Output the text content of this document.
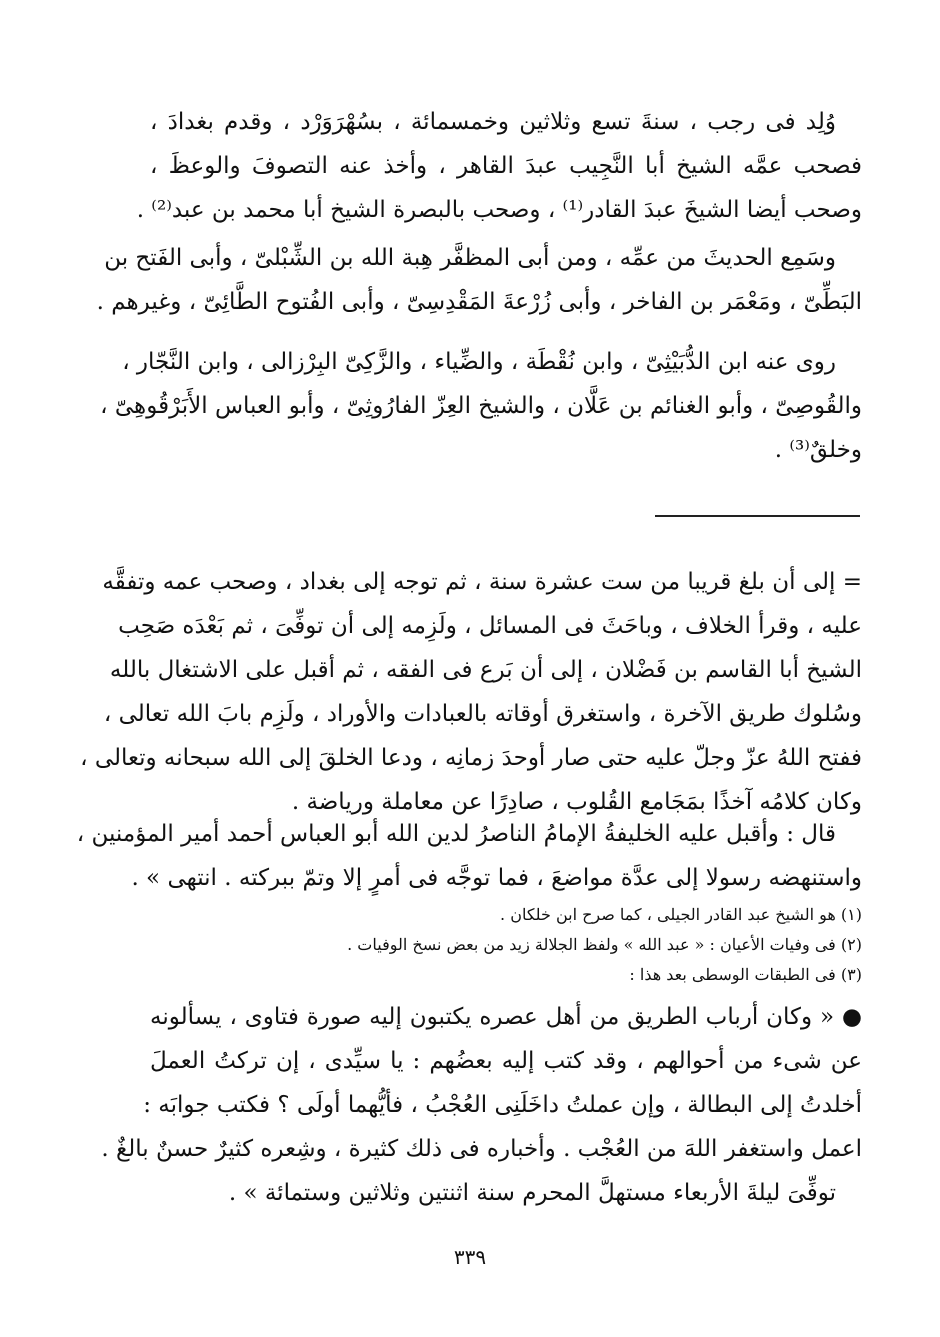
وُلِد فى رجب ، سنةَ تسع وثلاثين وخمسمائة ، بسُهْرَوَرْد ، وقدم بغدادَ ،
فصحب عمَّه الشيخ أبا النَّجِيب عبدَ القاهر ، وأخذ عنه التصوفَ والوعظَ ،
وصحب أيضا الشيخَ عبدَ القادر⁽¹⁾ ، وصحب بالبصرة الشيخ أبا محمد بن عبد⁽²⁾ .
وسَمِع الحديثَ من عمِّه ، ومن أبى المظفَّر هِبة الله بن الشِّبْلىّ ، وأبى الفَتح بن
البَطِّىّ ، ومَعْمَر بن الفاخر ، وأبى زُرْعةَ المَقْدِسِىّ ، وأبى الفُتوح الطَّائِىّ ، وغيرهم .
روى عنه ابن الدُّبَيْثِىّ ، وابن نُقْطَة ، والضِّياء ، والزَّكِىّ البِرْزالى ، وابن النَّجّار ،
والقُوصِىّ ، وأبو الغنائم بن عَلَّان ، والشيخ العِزّ الفارُوثِىّ ، وأبو العباس الأَبَرْقُوهِىّ ،
وخلقٌ⁽³⁾ .
= إلى أن بلغ قريبا من ست عشرة سنة ، ثم توجه إلى بغداد ، وصحب عمه وتفقَّه
عليه ، وقرأ الخلاف ، وباحَثَ فى المسائل ، ولَزِمه إلى أن توفِّىَ ، ثم بَعْدَه صَحِب
الشيخ أبا القاسم بن فَضْلان ، إلى أن بَرع فى الفقه ، ثم أقبل على الاشتغال بالله
وسُلوك طريق الآخرة ، واستغرق أوقاته بالعبادات والأوراد ، ولَزِم بابَ الله تعالى ،
ففتح اللهُ عزّ وجلّ عليه حتى صار أوحدَ زمانِه ، ودعا الخلقَ إلى الله سبحانه وتعالى ،
وكان كلامُه آخذًا بمَجَامع القُلوب ، صادِرًا عن معاملة ورياضة .
قال : وأقبل عليه الخليفةُ الإمامُ الناصرُ لدين الله أبو العباس أحمد أمير المؤمنين ،
واستنهضه رسولا إلى عدَّة مواضعَ ، فما توجَّه فى أمرٍ إلا وتمّ ببركته . انتهى » .
(١) هو الشيخ عبد القادر الجيلى ، كما صرح ابن خلكان .
(٢) فى وفيات الأعيان : « عبد الله » ولفظ الجلالة زيد من بعض نسخ الوفيات .
(٣) فى الطبقات الوسطى بعد هذا :
● « وكان أرباب الطريق من أهل عصره يكتبون إليه صورة فتاوى ، يسألونه
عن شىء من أحوالهم ، وقد كتب إليه بعضُهم : يا سيِّدى ، إن تركتُ العملَ
أخلدتُ إلى البطالة ، وإن عملتُ داخَلَنِى العُجْبُ ، فأيُّهما أولَى ؟ فكتب جوابَه :
اعمل واستغفر اللهَ من العُجْب . وأخباره فى ذلك كثيرة ، وشِعره كثيرٌ حسنٌ بالغٌ .
توفِّىَ ليلةَ الأربعاء مستهلَّ المحرم سنة اثنتين وثلاثين وستمائة » .
٣٣٩
